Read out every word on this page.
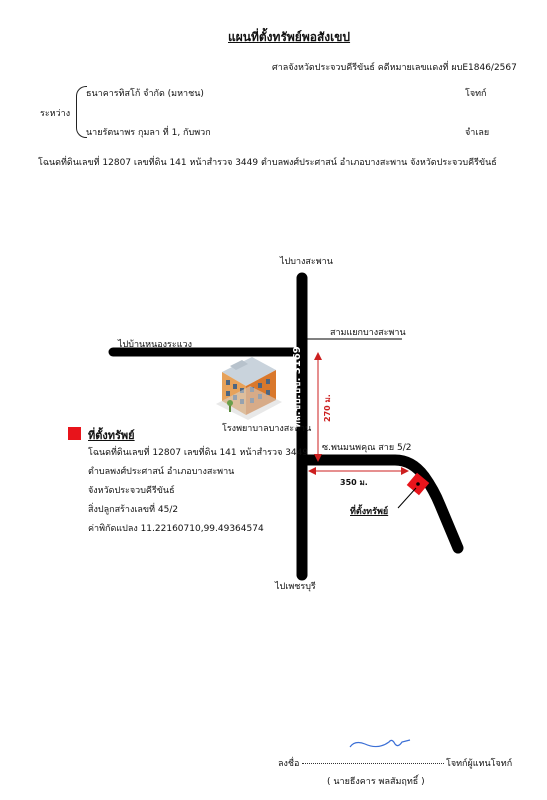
แผนที่ตั้งทรัพย์พอสังเขป
ศาลจังหวัดประจวบคีรีขันธ์ คดีหมายเลขแดงที่ ผบE1846/2567
ระหว่าง
ธนาคารทิสโก้ จำกัด (มหาชน)	โจทก์
นายรัตนาพร กุมลา ที่ 1, กับพวก	จำเลย
โฉนดที่ดินเลขที่ 12807 เลขที่ดิน 141 หน้าสำรวจ 3449 ตำบลพงศ์ประศาสน์ อำเภอบางสะพาน จังหวัดประจวบคีรีขันธ์
ไปบางสะพาน
ไปบ้านหนองระแวง
สามแยกบางสะพาน
โรงพยาบาลบางสะพาน
ทล.ชบ.ปข. 3169	270 ม.
ซ.พนมนพคุณ สาย 5/2
350 ม.
ที่ตั้งทรัพย์
ไปเพชรบุรี
ที่ตั้งทรัพย์
โฉนดที่ดินเลขที่ 12807 เลขที่ดิน 141 หน้าสำรวจ 3449
ตำบลพงศ์ประศาสน์ อำเภอบางสะพาน
จังหวัดประจวบคีรีขันธ์
สิ่งปลูกสร้างเลขที่ 45/2
ค่าพิกัดแปลง 11.22160710,99.49364574
ลงชื่อ	โจทก์ผู้แทนโจทก์
( นายธีงคาร พลสัมฤทธิ์ )
